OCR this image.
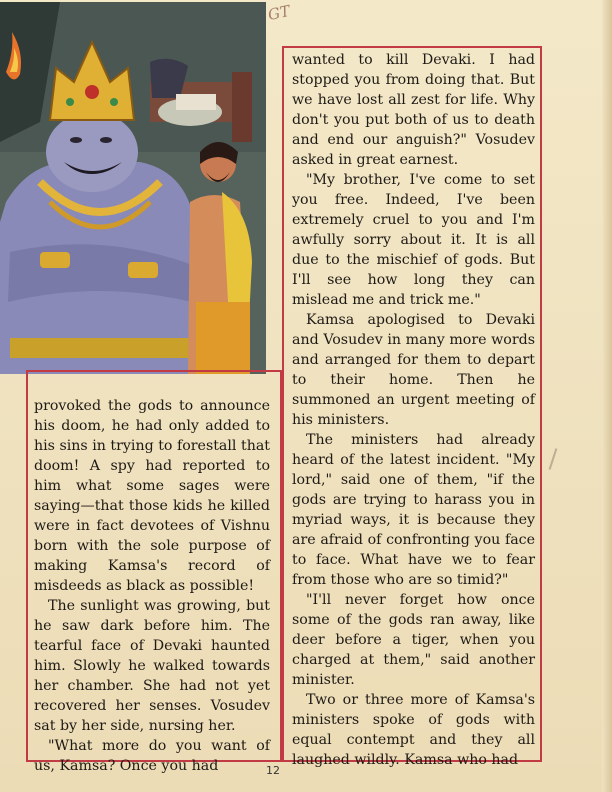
GT

wanted to kill Devaki. I had stopped you from doing that. But we have lost all zest for life. Why don't you put both of us to death and end our anguish?" Vosudev asked in great earnest.

"My brother, I've come to set you free. Indeed, I've been extremely cruel to you and I'm awfully sorry about it. It is all due to the mischief of gods. But I'll see how long they can mislead me and trick me."

Kamsa apologised to Devaki and Vosudev in many more words and arranged for them to depart to their home. Then he summoned an urgent meeting of his ministers.

The ministers had already heard of the latest incident. "My lord," said one of them, "if the gods are trying to harass you in myriad ways, it is because they are afraid of confronting you face to face. What have we to fear from those who are so timid?"

"I'll never forget how once some of the gods ran away, like deer before a tiger, when you charged at them," said another minister.

Two or three more of Kamsa's ministers spoke of gods with equal contempt and they all laughed wildly. Kamsa who had

provoked the gods to announce his doom, he had only added to his sins in trying to forestall that doom! A spy had reported to him what some sages were saying—that those kids he killed were in fact devotees of Vishnu born with the sole purpose of making Kamsa's record of misdeeds as black as possible!

The sunlight was growing, but he saw dark before him. The tearful face of Devaki haunted him. Slowly he walked towards her chamber. She had not yet recovered her senses. Vosudev sat by her side, nursing her.

"What more do you want of us, Kamsa? Once you had	12
